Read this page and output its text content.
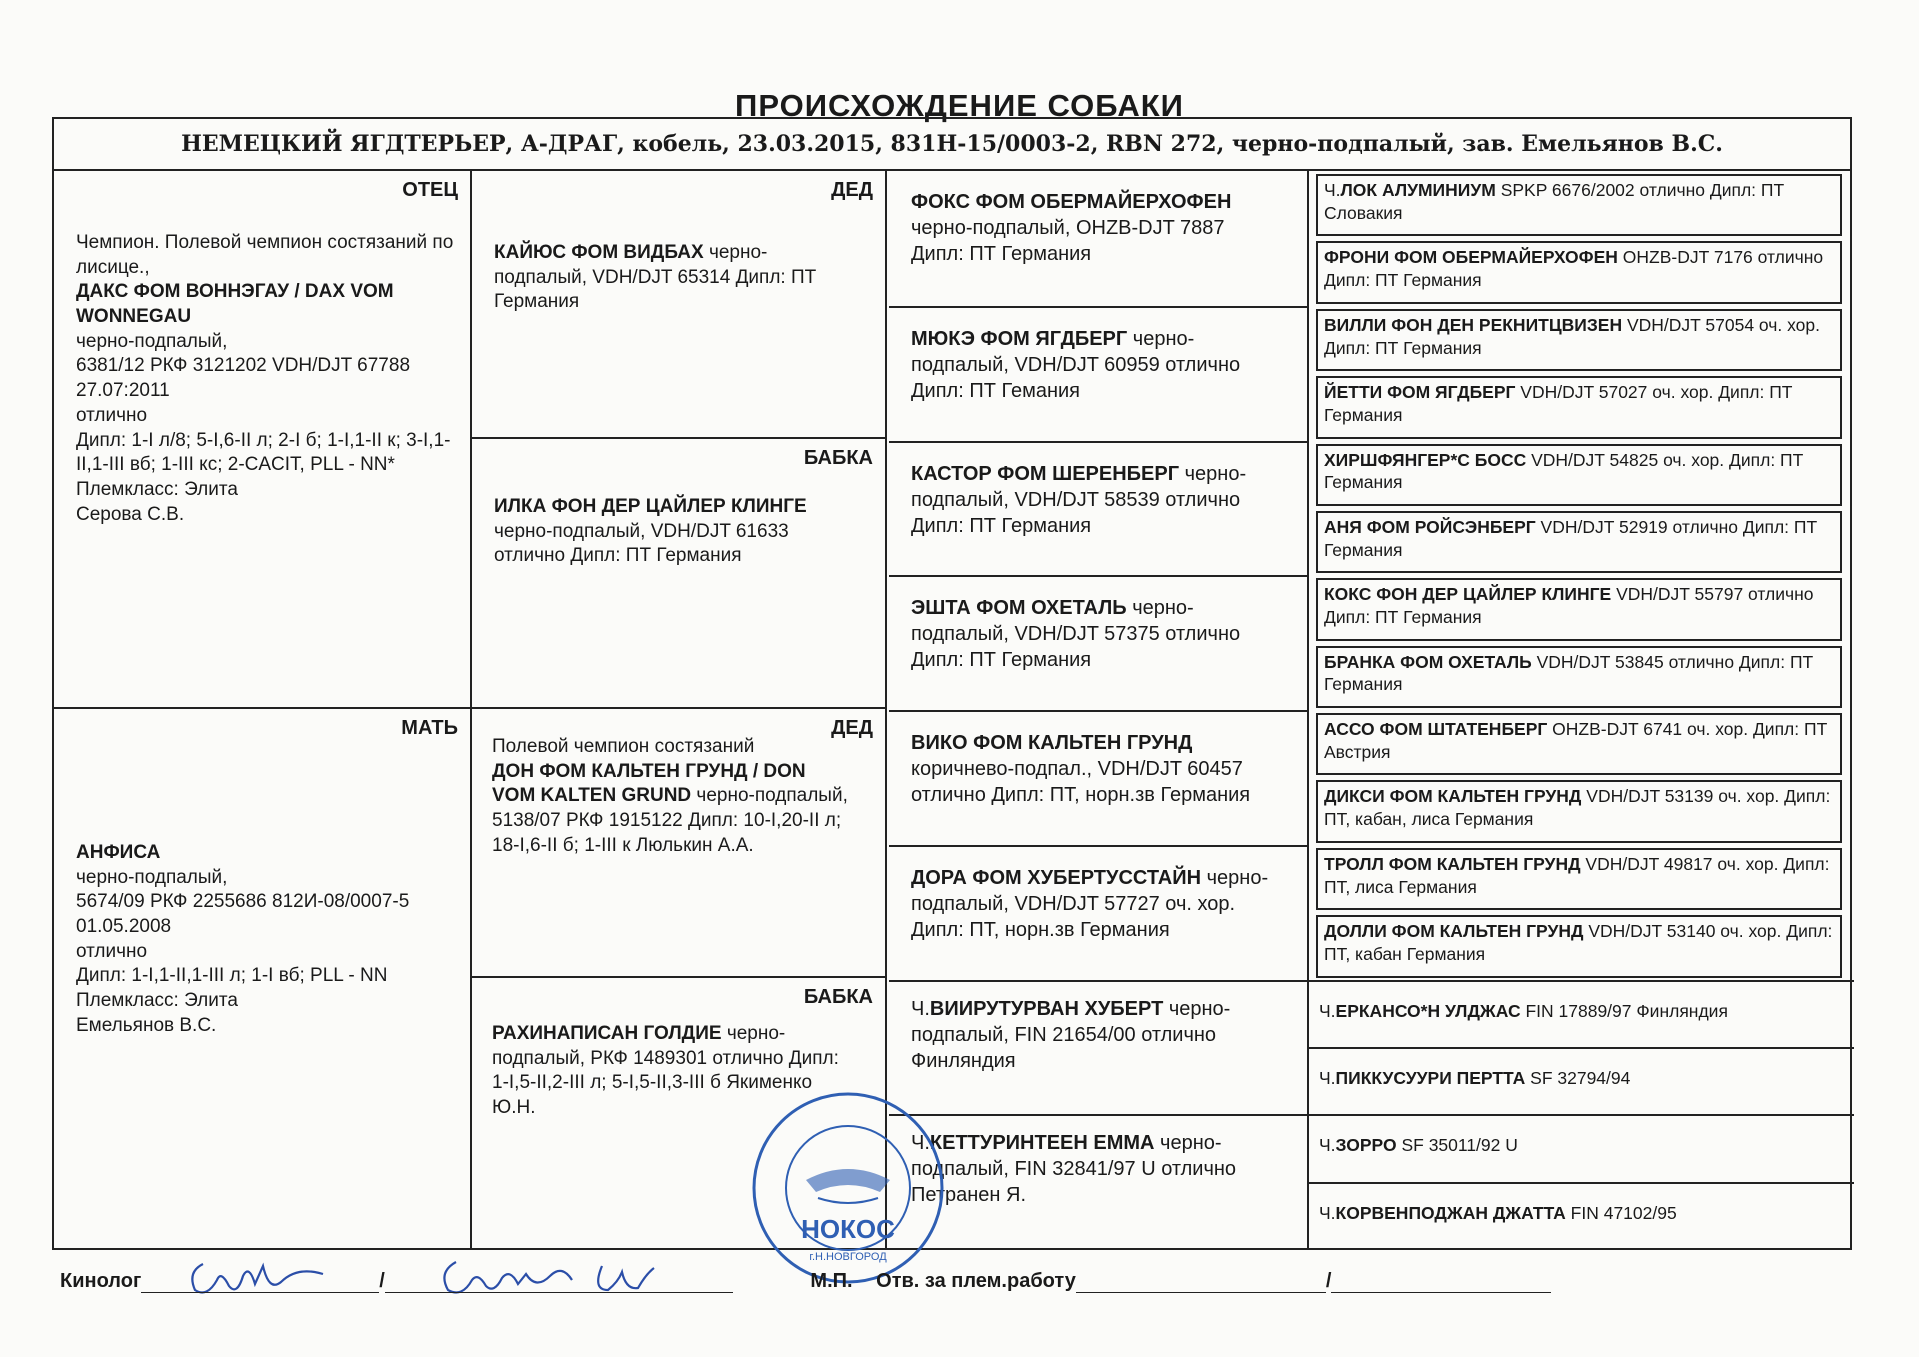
ПРОИСХОЖДЕНИЕ СОБАКИ
НЕМЕЦКИЙ ЯГДТЕРЬЕР, А-ДРАГ, кобель, 23.03.2015, 831Н-15/0003-2, RBN 272, черно-подпалый, зав. Емельянов В.С.
ОТЕЦ
Чемпион. Полевой чемпион состязаний по лисице.,
ДАКС ФОМ ВОННЭГАУ / DAX VOM WONNEGAU
черно-подпалый,
6381/12 РКФ 3121202 VDH/DJT 67788
27.07:2011
отлично
Дипл: 1-I л/8; 5-I,6-II л; 2-I б; 1-I,1-II к; 3-I,1-II,1-III вб; 1-III кс; 2-CACIT, PLL - NN*
Племкласс: Элита
Серова С.В.
МАТЬ
АНФИСА
черно-подпалый,
5674/09 РКФ 2255686 812И-08/0007-5
01.05.2008
отлично
Дипл: 1-I,1-II,1-III л; 1-I вб; PLL - NN
Племкласс: Элита
Емельянов В.С.
ДЕД
КАЙЮС ФОМ ВИДБАХ черно-подпалый, VDH/DJT 65314 Дипл: ПТ Германия
БАБКА
ИЛКА ФОН ДЕР ЦАЙЛЕР КЛИНГЕ черно-подпалый, VDH/DJT 61633 отлично Дипл: ПТ Германия
ДЕД
Полевой чемпион состязаний
ДОН ФОМ КАЛЬТЕН ГРУНД / DON VOM KALTEN GRUND черно-подпалый, 5138/07 РКФ 1915122 Дипл: 10-I,20-II л; 18-I,6-II б; 1-III к Люлькин А.А.
БАБКА
РАХИНАПИСАН ГОЛДИЕ черно-подпалый, РКФ 1489301 отлично Дипл: 1-I,5-II,2-III л; 5-I,5-II,3-III б Якименко Ю.Н.
ФОКС ФОМ ОБЕРМАЙЕРХОФЕН черно-подпалый, OHZB-DJT 7887 Дипл: ПТ Германия
МЮКЭ ФОМ ЯГДБЕРГ черно-подпалый, VDH/DJT 60959 отлично Дипл: ПТ Гемания
КАСТОР ФОМ ШЕРЕНБЕРГ черно-подпалый, VDH/DJT 58539 отлично Дипл: ПТ Германия
ЭШТА ФОМ ОХЕТАЛЬ черно-подпалый, VDH/DJT 57375 отлично Дипл: ПТ Германия
ВИКО ФОМ КАЛЬТЕН ГРУНД коричнево-подпал., VDH/DJT 60457 отлично Дипл: ПТ, норн.зв Германия
ДОРА ФОМ ХУБЕРТУССТАЙН черно-подпалый, VDH/DJT 57727 оч. хор. Дипл: ПТ, норн.зв Германия
Ч.ВИИРУТУРВАН ХУБЕРТ черно-подпалый, FIN 21654/00 отлично Финляндия
Ч.КЕТТУРИНТЕЕН ЕММА черно-подпалый, FIN 32841/97 U отлично Петранен Я.
Ч.ЛОК АЛУМИНИУМ SPKP 6676/2002 отлично Дипл: ПТ Словакия
ФРОНИ ФОМ ОБЕРМАЙЕРХОФЕН OHZB-DJT 7176 отлично Дипл: ПТ Германия
ВИЛЛИ ФОН ДЕН РЕКНИТЦВИЗЕН VDH/DJT 57054 оч. хор. Дипл: ПТ Германия
ЙЕТТИ ФОМ ЯГДБЕРГ VDH/DJT 57027 оч. хор. Дипл: ПТ Германия
ХИРШФЯНГЕР*С БОСС VDH/DJT 54825 оч. хор. Дипл: ПТ Германия
АНЯ ФОМ РОЙСЭНБЕРГ VDH/DJT 52919 отлично Дипл: ПТ Германия
КОКС ФОН ДЕР ЦАЙЛЕР КЛИНГЕ VDH/DJT 55797 отлично Дипл: ПТ Германия
БРАНКА ФОМ ОХЕТАЛЬ VDH/DJT 53845 отлично Дипл: ПТ Германия
АССО ФОМ ШТАТЕНБЕРГ OHZB-DJT 6741 оч. хор. Дипл: ПТ Австрия
ДИКСИ ФОМ КАЛЬТЕН ГРУНД VDH/DJT 53139 оч. хор. Дипл: ПТ, кабан, лиса Германия
ТРОЛЛ ФОМ КАЛЬТЕН ГРУНД VDH/DJT 49817 оч. хор. Дипл: ПТ, лиса Германия
ДОЛЛИ ФОМ КАЛЬТЕН ГРУНД VDH/DJT 53140 оч. хор. Дипл: ПТ, кабан Германия
Ч.ЕРКАНСО*Н УЛДЖАС FIN 17889/97 Финляндия
Ч.ПИККУСУУРИ ПЕРТТА SF 32794/94
Ч.ЗОРРО SF 35011/92 U
Ч.КОРВЕНПОДЖАН ДЖАТТА FIN 47102/95
НОКОС
г.Н.НОВГОРОД
Кинолог	/	М.П. Отв. за плем.работу	/
